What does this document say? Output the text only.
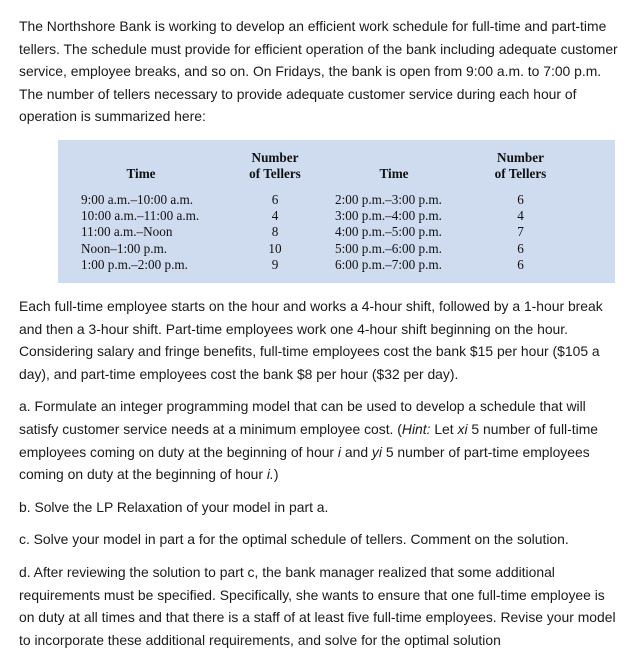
The Northshore Bank is working to develop an efficient work schedule for full-time and part-time tellers. The schedule must provide for efficient operation of the bank including adequate customer service, employee breaks, and so on. On Fridays, the bank is open from 9:00 a.m. to 7:00 p.m. The number of tellers necessary to provide adequate customer service during each hour of operation is summarized here:

Time
9:00 a.m.–10:00 a.m.
10:00 a.m.–11:00 a.m.
11:00 a.m.–Noon
Noon–1:00 p.m.
1:00 p.m.–2:00 p.m.
Number
of Tellers
6
4
8
10
9
Time
2:00 p.m.–3:00 p.m.
3:00 p.m.–4:00 p.m.
4:00 p.m.–5:00 p.m.
5:00 p.m.–6:00 p.m.
6:00 p.m.–7:00 p.m.
Number
of Tellers
6
4
7
6
6

Each full-time employee starts on the hour and works a 4-hour shift, followed by a 1-hour break and then a 3-hour shift. Part-time employees work one 4-hour shift beginning on the hour. Considering salary and fringe benefits, full-time employees cost the bank $15 per hour ($105 a day), and part-time employees cost the bank $8 per hour ($32 per day).

a. Formulate an integer programming model that can be used to develop a schedule that will satisfy customer service needs at a minimum employee cost. (Hint: Let xi 5 number of full-time employees coming on duty at the beginning of hour i and yi 5 number of part-time employees coming on duty at the beginning of hour i.)

b. Solve the LP Relaxation of your model in part a.

c. Solve your model in part a for the optimal schedule of tellers. Comment on the solution.

d. After reviewing the solution to part c, the bank manager realized that some additional requirements must be specified. Specifically, she wants to ensure that one full-time employee is on duty at all times and that there is a staff of at least five full-time employees. Revise your model to incorporate these additional requirements, and solve for the optimal solution
